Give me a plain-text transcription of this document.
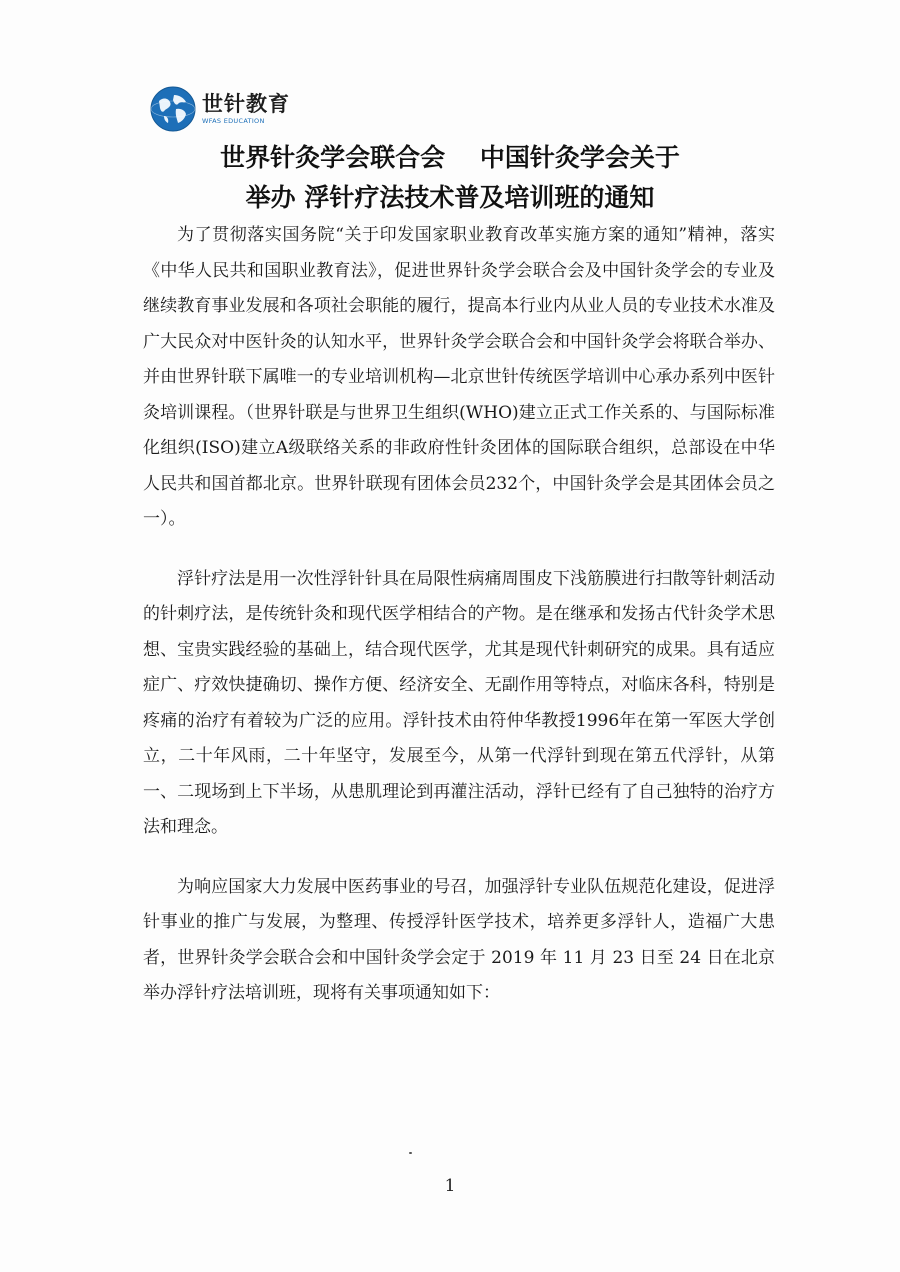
世针教育
WFAS EDUCATION
世界针灸学会联合会    中国针灸学会关于
举办 浮针疗法技术普及培训班的通知

为了贯彻落实国务院“关于印发国家职业教育改革实施方案的通知”精神，落实《中华人民共和国职业教育法》，促进世界针灸学会联合会及中国针灸学会的专业及继续教育事业发展和各项社会职能的履行，提高本行业内从业人员的专业技术水准及广大民众对中医针灸的认知水平，世界针灸学会联合会和中国针灸学会将联合举办、并由世界针联下属唯一的专业培训机构—北京世针传统医学培训中心承办系列中医针灸培训课程。（世界针联是与世界卫生组织(WHO)建立正式工作关系的、与国际标准化组织(ISO)建立A级联络关系的非政府性针灸团体的国际联合组织，总部设在中华人民共和国首都北京。世界针联现有团体会员232个，中国针灸学会是其团体会员之一）。

浮针疗法是用一次性浮针针具在局限性病痛周围皮下浅筋膜进行扫散等针刺活动的针刺疗法，是传统针灸和现代医学相结合的产物。是在继承和发扬古代针灸学术思想、宝贵实践经验的基础上，结合现代医学，尤其是现代针刺研究的成果。具有适应症广、疗效快捷确切、操作方便、经济安全、无副作用等特点，对临床各科，特别是疼痛的治疗有着较为广泛的应用。浮针技术由符仲华教授1996年在第一军医大学创立，二十年风雨，二十年坚守，发展至今，从第一代浮针到现在第五代浮针，从第一、二现场到上下半场，从患肌理论到再灌注活动，浮针已经有了自己独特的治疗方法和理念。

为响应国家大力发展中医药事业的号召，加强浮针专业队伍规范化建设，促进浮针事业的推广与发展，为整理、传授浮针医学技术，培养更多浮针人，造福广大患者，世界针灸学会联合会和中国针灸学会定于 2019 年 11 月 23 日至 24 日在北京举办浮针疗法培训班，现将有关事项通知如下：

1
